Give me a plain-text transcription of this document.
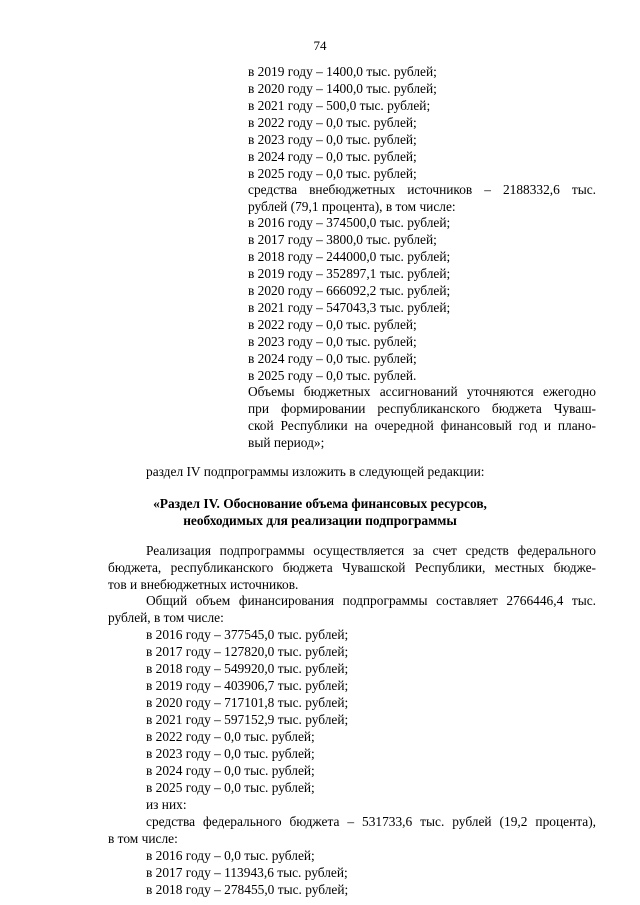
74
в 2019 году – 1400,0 тыс. рублей;
в 2020 году – 1400,0 тыс. рублей;
в 2021 году – 500,0 тыс. рублей;
в 2022 году – 0,0 тыс. рублей;
в 2023 году – 0,0 тыс. рублей;
в 2024 году – 0,0 тыс. рублей;
в 2025 году – 0,0 тыс. рублей;
средства внебюджетных источников – 2188332,6 тыс.
рублей (79,1 процента), в том числе:
в 2016 году – 374500,0 тыс. рублей;
в 2017 году – 3800,0 тыс. рублей;
в 2018 году – 244000,0 тыс. рублей;
в 2019 году – 352897,1 тыс. рублей;
в 2020 году – 666092,2 тыс. рублей;
в 2021 году – 547043,3 тыс. рублей;
в 2022 году – 0,0 тыс. рублей;
в 2023 году – 0,0 тыс. рублей;
в 2024 году – 0,0 тыс. рублей;
в 2025 году – 0,0 тыс. рублей.
Объемы бюджетных ассигнований уточняются ежегодно
при формировании республиканского бюджета Чуваш-
ской Республики на очередной финансовый год и плано-
вый период»;
раздел IV подпрограммы изложить в следующей редакции:
«Раздел IV. Обоснование объема финансовых ресурсов,
необходимых для реализации подпрограммы
Реализация подпрограммы осуществляется за счет средств федерального
бюджета, республиканского бюджета Чувашской Республики, местных бюдже-
тов и внебюджетных источников.
Общий объем финансирования подпрограммы составляет 2766446,4 тыс.
рублей, в том числе:
в 2016 году – 377545,0 тыс. рублей;
в 2017 году – 127820,0 тыс. рублей;
в 2018 году – 549920,0 тыс. рублей;
в 2019 году – 403906,7 тыс. рублей;
в 2020 году – 717101,8 тыс. рублей;
в 2021 году – 597152,9 тыс. рублей;
в 2022 году – 0,0 тыс. рублей;
в 2023 году – 0,0 тыс. рублей;
в 2024 году – 0,0 тыс. рублей;
в 2025 году – 0,0 тыс. рублей;
из них:
средства федерального бюджета – 531733,6 тыс. рублей (19,2 процента),
в том числе:
в 2016 году – 0,0 тыс. рублей;
в 2017 году – 113943,6 тыс. рублей;
в 2018 году – 278455,0 тыс. рублей;
